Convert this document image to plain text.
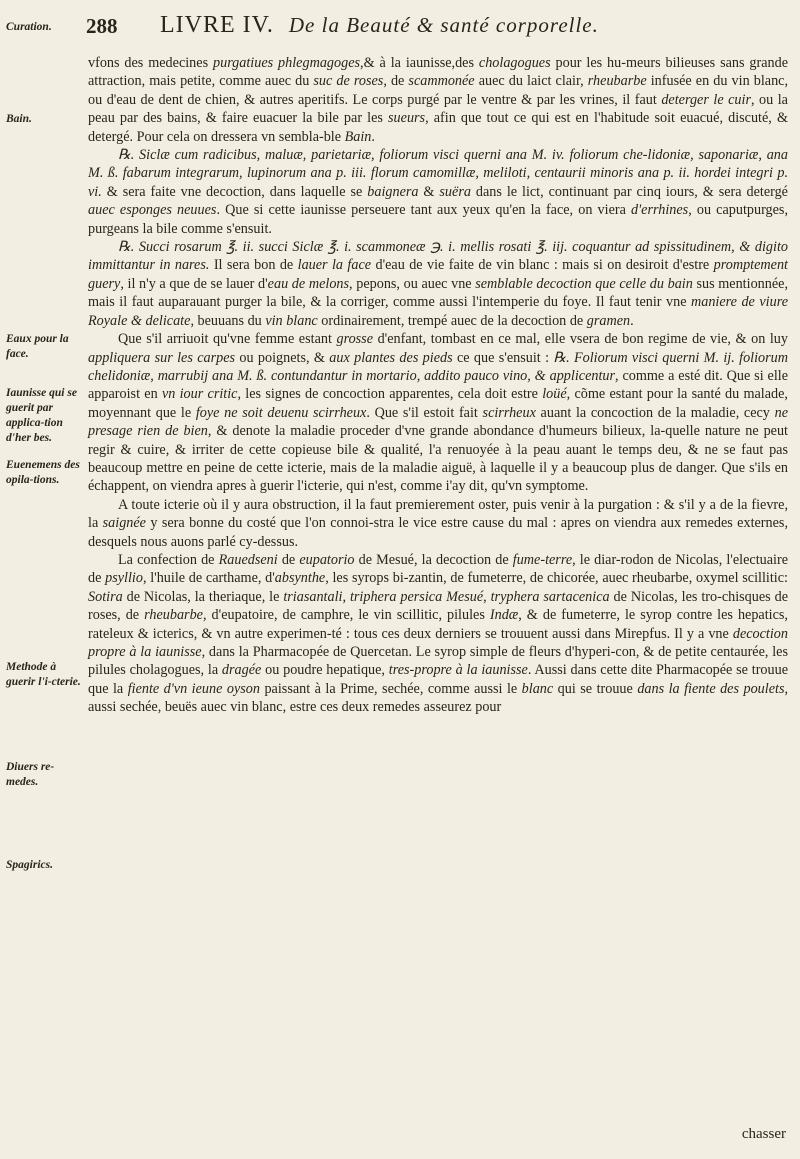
288 LIVRE IV. De la Beauté & santé corporelle.
Curation.
Bain.
Eaux pour la face.
Iaunisse qui se guerit par applica-tion d'her bes.
Euenemens des opila-tions.
Methode à guerir l'i-cterie.
Diuers re-medes.
Spagirics.

vfons des medecines purgatiues phlegmagoges,& à la iaunisse,des cholagogues pour les hu-meurs bilieuses sans grande attraction, mais petite, comme auec du suc de roses, de scammonée auec du laict clair, rheubarbe infusée en du vin blanc, ou d'eau de dent de chien, & autres aperitifs. Le corps purgé par le ventre & par les vrines, il faut deterger le cuir, ou la peau par des bains, & faire euacuer la bile par les sueurs, afin que tout ce qui est en l'habitude soit euacué, discuté, & detergé. Pour cela on dressera vn sembla-ble Bain.

℞. Siclæ cum radicibus, maluæ, parietariæ, foliorum visci querni ana M. iv. foliorum che-lidoniæ, saponariæ, ana M. ß. fabarum integrarum, lupinorum ana p. iii. florum camomillæ, meliloti, centaurii minoris ana p. ii. hordei integri p. vi. & sera faite vne decoction, dans laquelle se baignera & suëra dans le lict, continuant par cinq iours, & sera detergé auec esponges neuues. Que si cette iaunisse perseuere tant aux yeux qu'en la face, on viera d'errhines, ou caputpurges, purgeans la bile comme s'ensuit.

℞. Succi rosarum ℥. ii. succi Siclæ ℥. i. scammoneæ ℈. i. mellis rosati ℥. iij. coquantur ad spissitudinem, & digito immittantur in nares. Il sera bon de lauer la face d'eau de vie faite de vin blanc : mais si on desiroit d'estre promptement guery, il n'y a que de se lauer d'eau de melons, pepons, ou auec vne semblable decoction que celle du bain sus mentionnée, mais il faut auparauant purger la bile, & la corriger, comme aussi l'intemperie du foye. Il faut tenir vne maniere de viure Royale & delicate, beuuans du vin blanc ordinairement, trempé auec de la decoction de gramen.

Que s'il arriuoit qu'vne femme estant grosse d'enfant, tombast en ce mal, elle vsera de bon regime de vie, & on luy appliquera sur les carpes ou poignets, & aux plantes des pieds ce que s'ensuit : ℞. Foliorum visci querni M. ij. foliorum chelidoniæ, marrubij ana M. ß. contundantur in mortario, addito pauco vino, & applicentur, comme a esté dit. Que si elle apparoist en vn iour critic, les signes de concoction apparentes, cela doit estre loüé, cõme estant pour la santé du malade, moyennant que le foye ne soit deuenu scirrheux. Que s'il estoit fait scirrheux auant la concoction de la maladie, cecy ne presage rien de bien, & denote la maladie proceder d'vne grande abondance d'humeurs bilieux, la-quelle nature ne peut regir & cuire, & irriter de cette copieuse bile & qualité, l'a renuoyée à la peau auant le temps deu, & ne se faut pas beaucoup mettre en peine de cette icterie, mais de la maladie aiguë, à laquelle il y a beaucoup plus de danger. Que s'ils en échappent, on viendra apres à guerir l'icterie, qui n'est, comme i'ay dit, qu'vn symptome.

A toute icterie où il y aura obstruction, il la faut premierement oster, puis venir à la purgation : & s'il y a de la fievre, la saignée y sera bonne du costé que l'on connoi-stra le vice estre cause du mal : apres on viendra aux remedes externes, desquels nous auons parlé cy-dessus.

La confection de Rauedseni de eupatorio de Mesué, la decoction de fume-terre, le diar-rodon de Nicolas, l'electuaire de psyllio, l'huile de carthame, d'absynthe, les syrops bi-zantin, de fumeterre, de chicorée, auec rheubarbe, oxymel scillitic: Sotira de Nicolas, la theriaque, le triasantali, triphera persica Mesué, tryphera sartacenica de Nicolas, les tro-chisques de roses, de rheubarbe, d'eupatoire, de camphre, le vin scillitic, pilules Indæ, & de fumeterre, le syrop contre les hepatics, rateleux & icterics, & vn autre experimen-té : tous ces deux derniers se trouuent aussi dans Mirepfus. Il y a vne decoction propre à la iaunisse, dans la Pharmacopée de Quercetan. Le syrop simple de fleurs d'hyperi-con, & de petite centaurée, les pilules cholagogues, la dragée ou poudre hepatique, tres-propre à la iaunisse. Aussi dans cette dite Pharmacopée se trouue que la fiente d'vn ieune oyson paissant à la Prime, sechée, comme aussi le blanc qui se trouue dans la fiente des poulets, aussi sechée, beuës auec vin blanc, estre ces deux remedes asseurez pour

chasser
